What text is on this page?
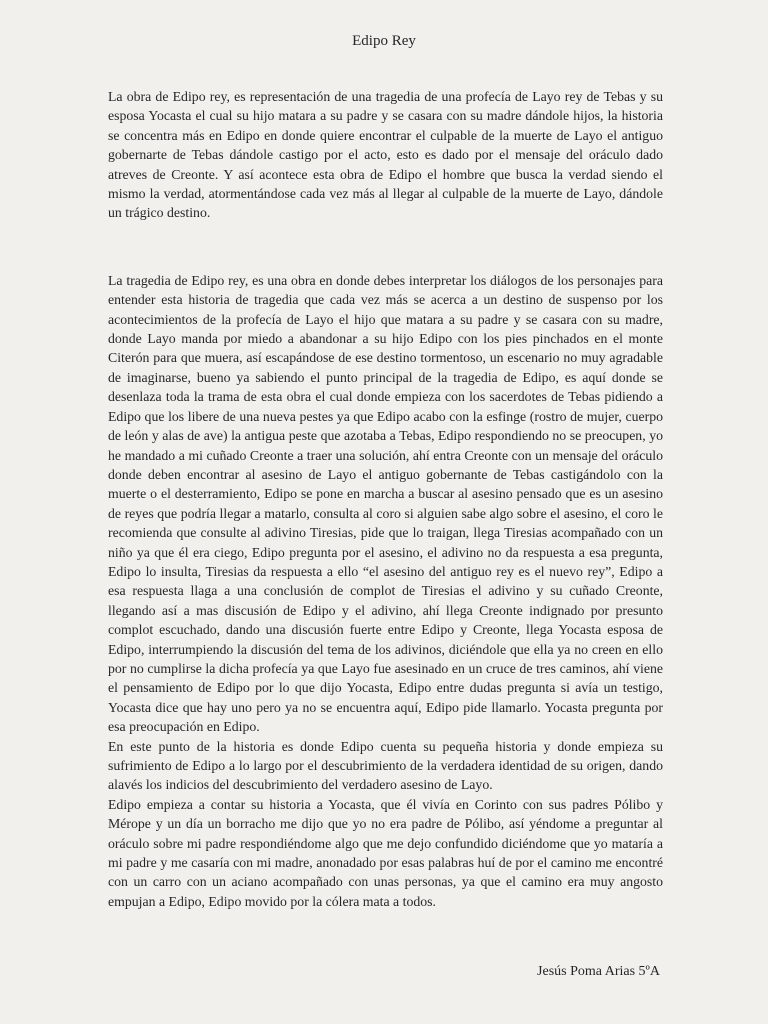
Edipo Rey

La obra de Edipo rey, es representación de una tragedia de una profecía de Layo rey de Tebas y su esposa Yocasta el cual su hijo matara a su padre y se casara con su madre dándole hijos, la historia se concentra más en Edipo en donde quiere encontrar el culpable de la muerte de Layo el antiguo gobernarte de Tebas dándole castigo por el acto, esto es dado por el mensaje del oráculo dado atreves de Creonte. Y así acontece esta obra de Edipo el hombre que busca la verdad siendo el mismo la verdad, atormentándose cada vez más al llegar al culpable de la muerte de Layo, dándole un trágico destino.

La tragedia de Edipo rey, es una obra en donde debes interpretar los diálogos de los personajes para entender esta historia de tragedia que cada vez más se acerca a un destino de suspenso por los acontecimientos de la profecía de Layo el hijo que matara a su padre y se casara con su madre, donde Layo manda por miedo a abandonar a su hijo Edipo con los pies pinchados en el monte Citerón para que muera, así escapándose de ese destino tormentoso, un escenario no muy agradable de imaginarse, bueno ya sabiendo el punto principal de la tragedia de Edipo, es aquí donde se desenlaza toda la trama de esta obra el cual donde empieza con los sacerdotes de Tebas pidiendo a Edipo que los libere de una nueva pestes ya que Edipo acabo con la esfinge (rostro de mujer, cuerpo de león y alas de ave) la antigua peste que azotaba a Tebas, Edipo respondiendo no se preocupen, yo he mandado a mi cuñado Creonte a traer una solución, ahí entra Creonte con un mensaje del oráculo donde deben encontrar al asesino de Layo el antiguo gobernante de Tebas castigándolo con la muerte o el desterramiento, Edipo se pone en marcha a buscar al asesino pensado que es un asesino de reyes que podría llegar a matarlo, consulta al coro si alguien sabe algo sobre el asesino, el coro le recomienda que consulte al adivino Tiresias, pide que lo traigan, llega Tiresias acompañado con un niño ya que él era ciego, Edipo pregunta por el asesino, el adivino no da respuesta a esa pregunta, Edipo lo insulta, Tiresias da respuesta a ello “el asesino del antiguo rey es el nuevo rey”, Edipo a esa respuesta llaga a una conclusión de complot de Tiresias el adivino y su cuñado Creonte, llegando así a mas discusión de Edipo y el adivino, ahí llega Creonte indignado por presunto complot escuchado, dando una discusión fuerte entre Edipo y Creonte, llega Yocasta esposa de Edipo, interrumpiendo la discusión del tema de los adivinos, diciéndole que ella ya no creen en ello por no cumplirse la dicha profecía ya que Layo fue asesinado en un cruce de tres caminos, ahí viene el pensamiento de Edipo por lo que dijo Yocasta, Edipo entre dudas pregunta si avía un testigo, Yocasta dice que hay uno pero ya no se encuentra aquí, Edipo pide llamarlo. Yocasta pregunta por esa preocupación en Edipo.

En este punto de la historia es donde Edipo cuenta su pequeña historia y donde empieza su sufrimiento de Edipo a lo largo por el descubrimiento de la verdadera identidad de su origen, dando alavés los indicios del descubrimiento del verdadero asesino de Layo.

Edipo empieza a contar su historia a Yocasta, que él vivía en Corinto con sus padres Pólibo y Mérope y un día un borracho me dijo que yo no era padre de Pólibo, así yéndome a preguntar al oráculo sobre mi padre respondiéndome algo que me dejo confundido diciéndome que yo mataría a mi padre y me casaría con mi madre, anonadado por esas palabras huí de por el camino me encontré con un carro con un aciano acompañado con unas personas, ya que el camino era muy angosto empujan a Edipo, Edipo movido por la cólera mata a todos.

Jesús Poma Arias 5ºA
